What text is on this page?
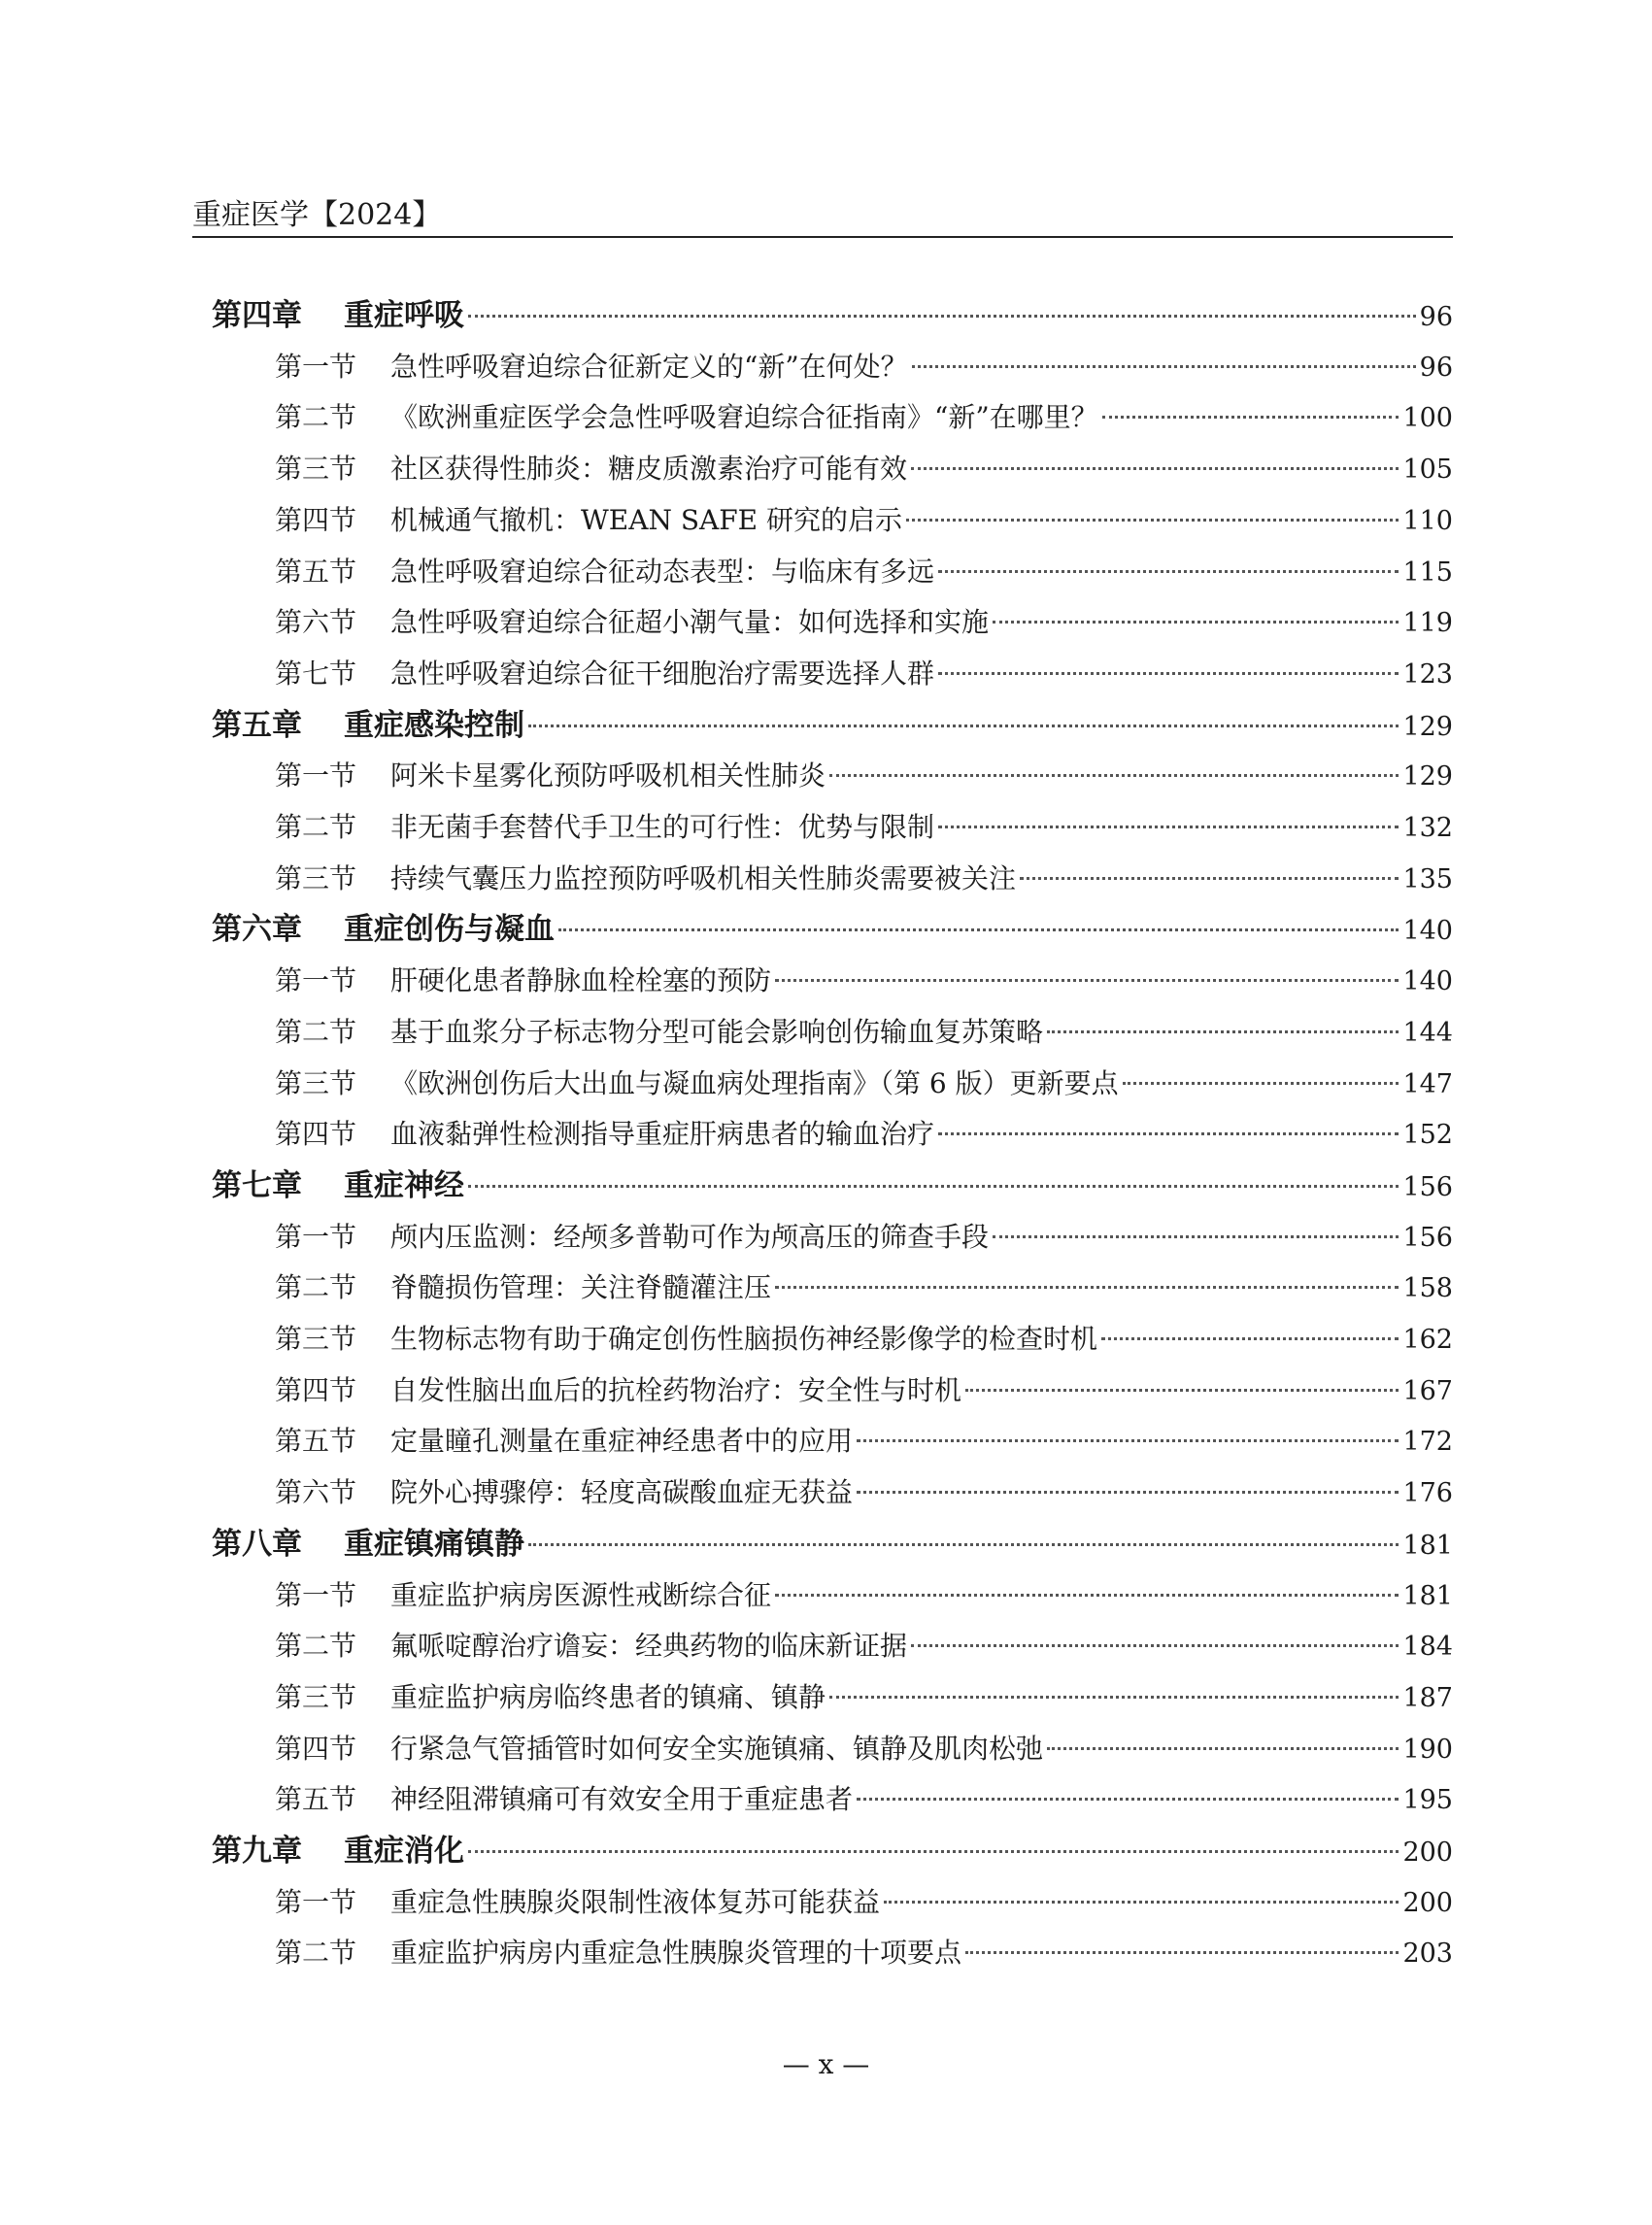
重症医学【2024】
第四章	重症呼吸	96
第一节	急性呼吸窘迫综合征新定义的“新”在何处？	96
第二节	《欧洲重症医学会急性呼吸窘迫综合征指南》“新”在哪里？	100
第三节	社区获得性肺炎：糖皮质激素治疗可能有效	105
第四节	机械通气撤机：WEAN SAFE 研究的启示	110
第五节	急性呼吸窘迫综合征动态表型：与临床有多远	115
第六节	急性呼吸窘迫综合征超小潮气量：如何选择和实施	119
第七节	急性呼吸窘迫综合征干细胞治疗需要选择人群	123
第五章	重症感染控制	129
第一节	阿米卡星雾化预防呼吸机相关性肺炎	129
第二节	非无菌手套替代手卫生的可行性：优势与限制	132
第三节	持续气囊压力监控预防呼吸机相关性肺炎需要被关注	135
第六章	重症创伤与凝血	140
第一节	肝硬化患者静脉血栓栓塞的预防	140
第二节	基于血浆分子标志物分型可能会影响创伤输血复苏策略	144
第三节	《欧洲创伤后大出血与凝血病处理指南》（第 6 版）更新要点	147
第四节	血液黏弹性检测指导重症肝病患者的输血治疗	152
第七章	重症神经	156
第一节	颅内压监测：经颅多普勒可作为颅高压的筛查手段	156
第二节	脊髓损伤管理：关注脊髓灌注压	158
第三节	生物标志物有助于确定创伤性脑损伤神经影像学的检查时机	162
第四节	自发性脑出血后的抗栓药物治疗：安全性与时机	167
第五节	定量瞳孔测量在重症神经患者中的应用	172
第六节	院外心搏骤停：轻度高碳酸血症无获益	176
第八章	重症镇痛镇静	181
第一节	重症监护病房医源性戒断综合征	181
第二节	氟哌啶醇治疗谵妄：经典药物的临床新证据	184
第三节	重症监护病房临终患者的镇痛、镇静	187
第四节	行紧急气管插管时如何安全实施镇痛、镇静及肌肉松弛	190
第五节	神经阻滞镇痛可有效安全用于重症患者	195
第九章	重症消化	200
第一节	重症急性胰腺炎限制性液体复苏可能获益	200
第二节	重症监护病房内重症急性胰腺炎管理的十项要点	203
— x —
